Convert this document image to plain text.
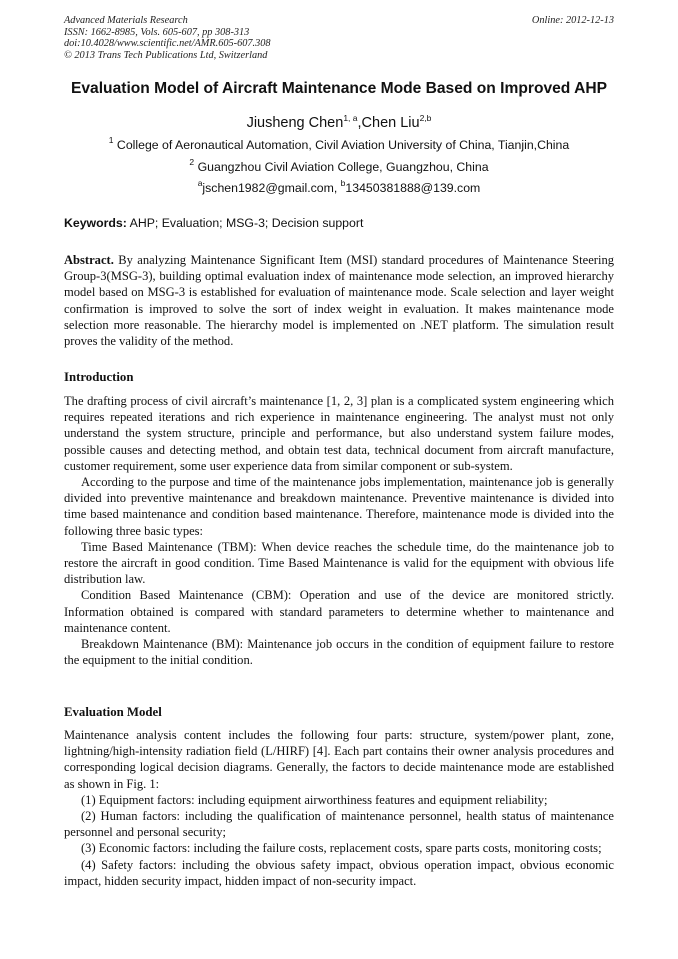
Advanced Materials Research
ISSN: 1662-8985, Vols. 605-607, pp 308-313
doi:10.4028/www.scientific.net/AMR.605-607.308
© 2013 Trans Tech Publications Ltd, Switzerland
Online: 2012-12-13
Evaluation Model of Aircraft Maintenance Mode Based on Improved AHP
Jiusheng Chen$^{1, a}$,Chen Liu$^{2,b}$
$^1$ College of Aeronautical Automation, Civil Aviation University of China, Tianjin,China
$^2$ Guangzhou Civil Aviation College, Guangzhou, China
$^a$jschen1982@gmail.com, $^b$13450381888@139.com
Keywords: AHP; Evaluation; MSG-3; Decision support

Abstract. By analyzing Maintenance Significant Item (MSI) standard procedures of Maintenance Steering Group-3(MSG-3), building optimal evaluation index of maintenance mode selection, an improved hierarchy model based on MSG-3 is established for evaluation of maintenance mode. Scale selection and layer weight confirmation is improved to solve the sort of index weight in evaluation. It makes maintenance mode selection more reasonable. The hierarchy model is implemented on .NET platform. The simulation result proves the validity of the method.

Introduction

The drafting process of civil aircraft’s maintenance [1, 2, 3] plan is a complicated system engineering which requires repeated iterations and rich experience in maintenance engineering. The analyst must not only understand the system structure, principle and performance, but also understand system failure modes, possible causes and detecting method, and obtain test data, technical document from aircraft manufacture, customer requirement, some user experience data from similar component or sub-system.

According to the purpose and time of the maintenance jobs implementation, maintenance job is generally divided into preventive maintenance and breakdown maintenance. Preventive maintenance is divided into time based maintenance and condition based maintenance. Therefore, maintenance mode is divided into the following three basic types:

Time Based Maintenance (TBM): When device reaches the schedule time, do the maintenance job to restore the aircraft in good condition. Time Based Maintenance is valid for the equipment with obvious life distribution law.

Condition Based Maintenance (CBM): Operation and use of the device are monitored strictly. Information obtained is compared with standard parameters to determine whether to maintenance and maintenance content.

Breakdown Maintenance (BM): Maintenance job occurs in the condition of equipment failure to restore the equipment to the initial condition.

Evaluation Model

Maintenance analysis content includes the following four parts: structure, system/power plant, zone, lightning/high-intensity radiation field (L/HIRF) [4]. Each part contains their owner analysis procedures and corresponding logical decision diagrams. Generally, the factors to decide maintenance mode are established as shown in Fig. 1:

(1) Equipment factors: including equipment airworthiness features and equipment reliability;

(2) Human factors: including the qualification of maintenance personnel, health status of maintenance personnel and personal security;

(3) Economic factors: including the failure costs, replacement costs, spare parts costs, monitoring costs;

(4) Safety factors: including the obvious safety impact, obvious operation impact, obvious economic impact, hidden security impact, hidden impact of non-security impact.
